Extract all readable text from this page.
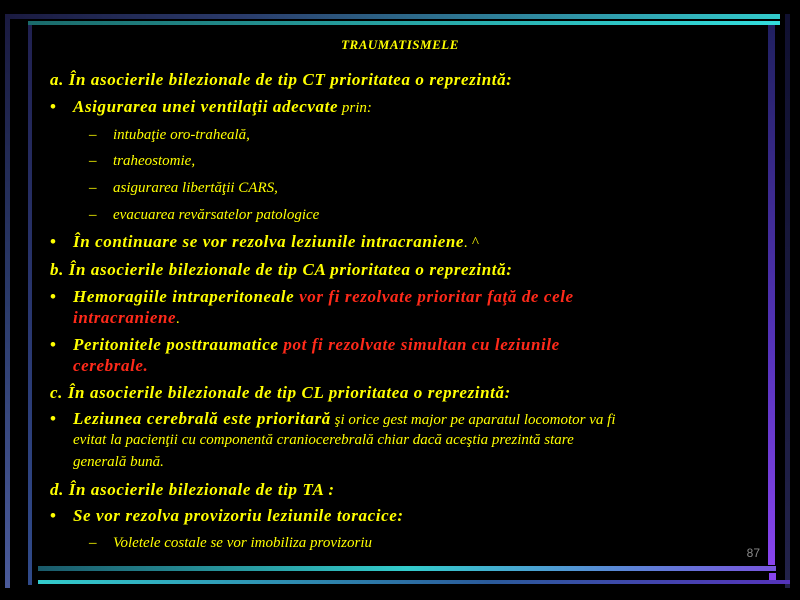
TRAUMATISMELE
a. În asocierile bilezionale de tip CT prioritatea o reprezintă:
• Asigurarea unei ventilaţii adecvate prin:
– intubaţie oro-traheală,
– traheostomie,
– asigurarea libertăţii CARS,
– evacuarea revărsatelor patologice
• În continuare se vor rezolva leziunile intracraniene. ^
b. În asocierile bilezionale de tip CA prioritatea o reprezintă:
• Hemoragiile intraperitoneale vor fi rezolvate prioritar faţă de cele
intracraniene.
• Peritonitele posttraumatice pot fi rezolvate simultan cu leziunile
cerebrale.
c. În asocierile bilezionale de tip CL prioritatea o reprezintă:
• Leziunea cerebrală este prioritară şi orice gest major pe aparatul locomotor va fi
evitat la pacienţii cu componentă craniocerebrală chiar dacă aceştia prezintă stare
generală bună.
d. În asocierile bilezionale de tip TA :
• Se vor rezolva provizoriu leziunile toracice:
– Voletele costale se vor imobiliza provizoriu
87
